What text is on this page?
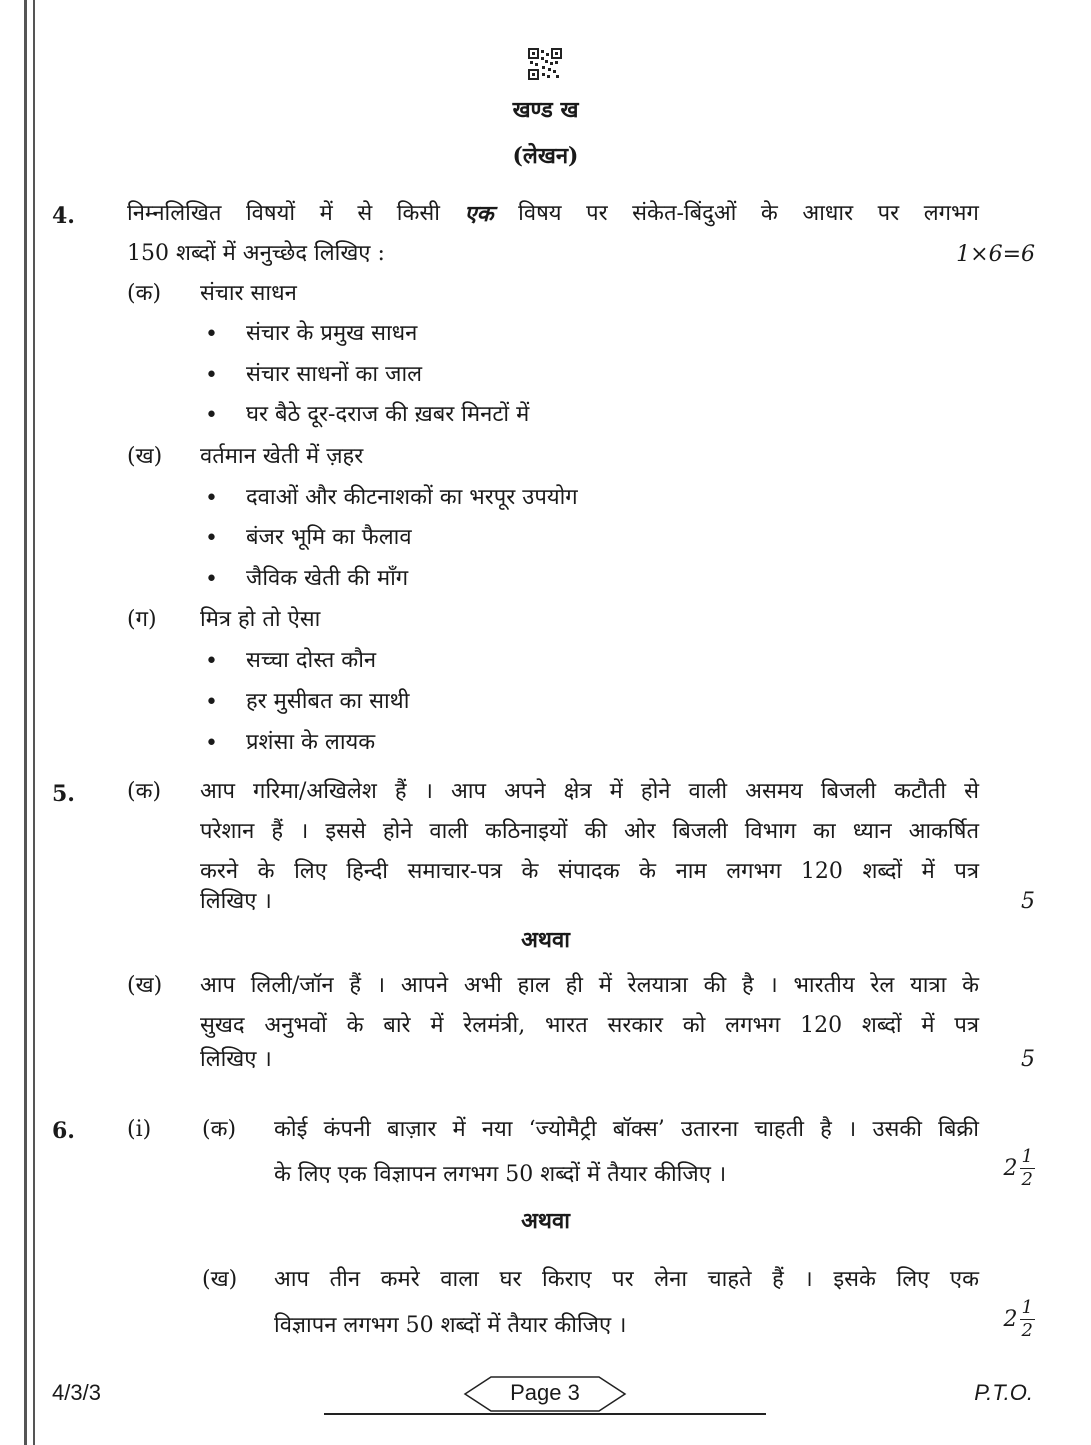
खण्ड ख
(लेखन)
4. निम्नलिखित विषयों में से किसी एक विषय पर संकेत-बिंदुओं के आधार पर लगभग
150 शब्दों में अनुच्छेद लिखिए :	1×6=6
(क) संचार साधन
• संचार के प्रमुख साधन
• संचार साधनों का जाल
• घर बैठे दूर-दराज की ख़बर मिनटों में
(ख) वर्तमान खेती में ज़हर
• दवाओं और कीटनाशकों का भरपूर उपयोग
• बंजर भूमि का फैलाव
• जैविक खेती की माँग
(ग) मित्र हो तो ऐसा
• सच्चा दोस्त कौन
• हर मुसीबत का साथी
• प्रशंसा के लायक
5. (क) आप गरिमा/अखिलेश हैं । आप अपने क्षेत्र में होने वाली असमय बिजली कटौती से
परेशान हैं । इससे होने वाली कठिनाइयों की ओर बिजली विभाग का ध्यान आकर्षित
करने के लिए हिन्दी समाचार-पत्र के संपादक के नाम लगभग 120 शब्दों में पत्र
लिखिए ।	5
अथवा
(ख) आप लिली/जॉन हैं । आपने अभी हाल ही में रेलयात्रा की है । भारतीय रेल यात्रा के
सुखद अनुभवों के बारे में रेलमंत्री, भारत सरकार को लगभग 120 शब्दों में पत्र
लिखिए ।	5
6. (i) (क) कोई कंपनी बाज़ार में नया ‘ज्योमैट्री बॉक्स’ उतारना चाहती है । उसकी बिक्री
के लिए एक विज्ञापन लगभग 50 शब्दों में तैयार कीजिए ।	$2 \frac{1}{2}$
अथवा
(ख) आप तीन कमरे वाला घर किराए पर लेना चाहते हैं । इसके लिए एक
विज्ञापन लगभग 50 शब्दों में तैयार कीजिए ।	$2 \frac{1}{2}$
4/3/3	Page 3	P.T.O.
